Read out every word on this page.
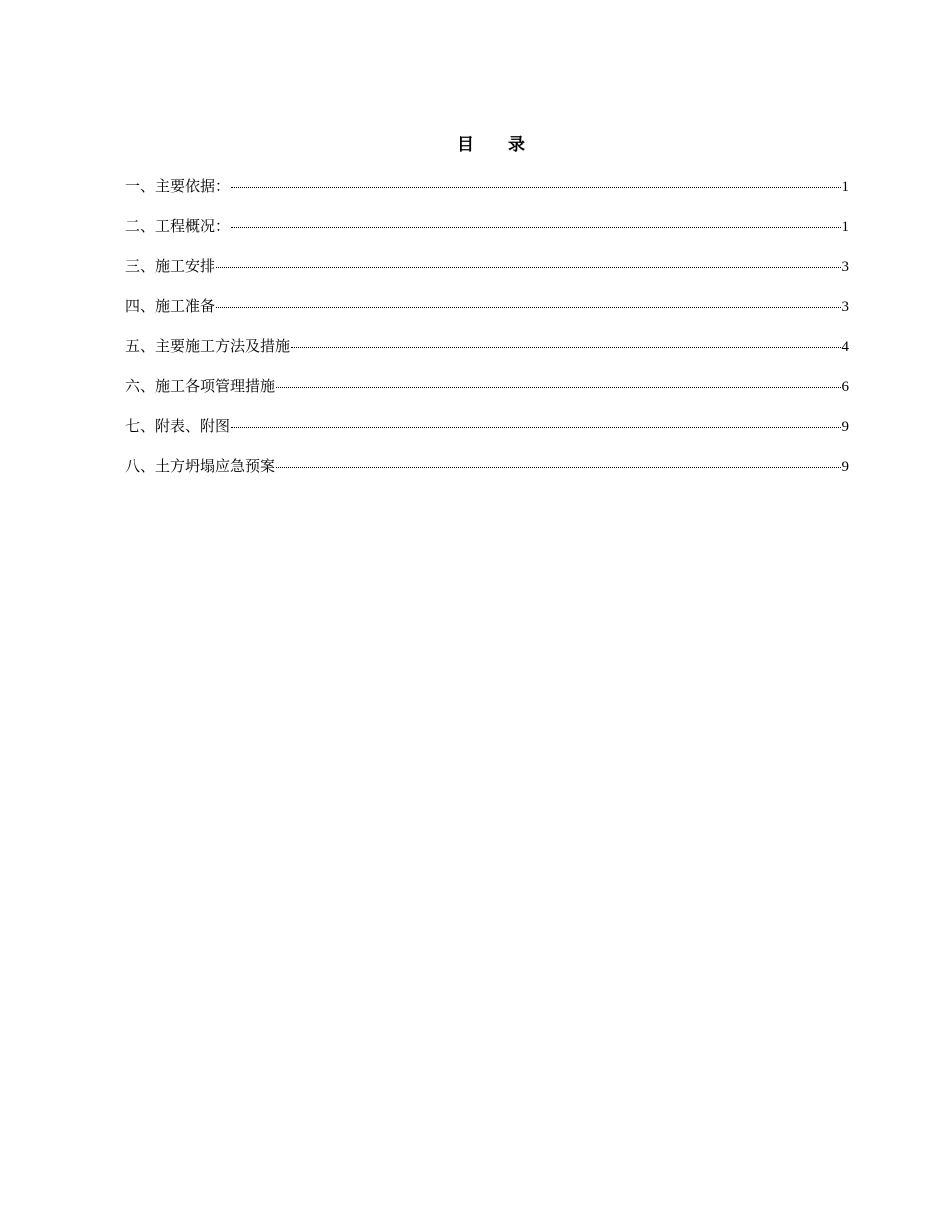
目录
一、主要依据：	1
二、工程概况：	1
三、施工安排	3
四、施工准备	3
五、主要施工方法及措施	4
六、施工各项管理措施	6
七、附表、附图	9
八、土方坍塌应急预案	9
